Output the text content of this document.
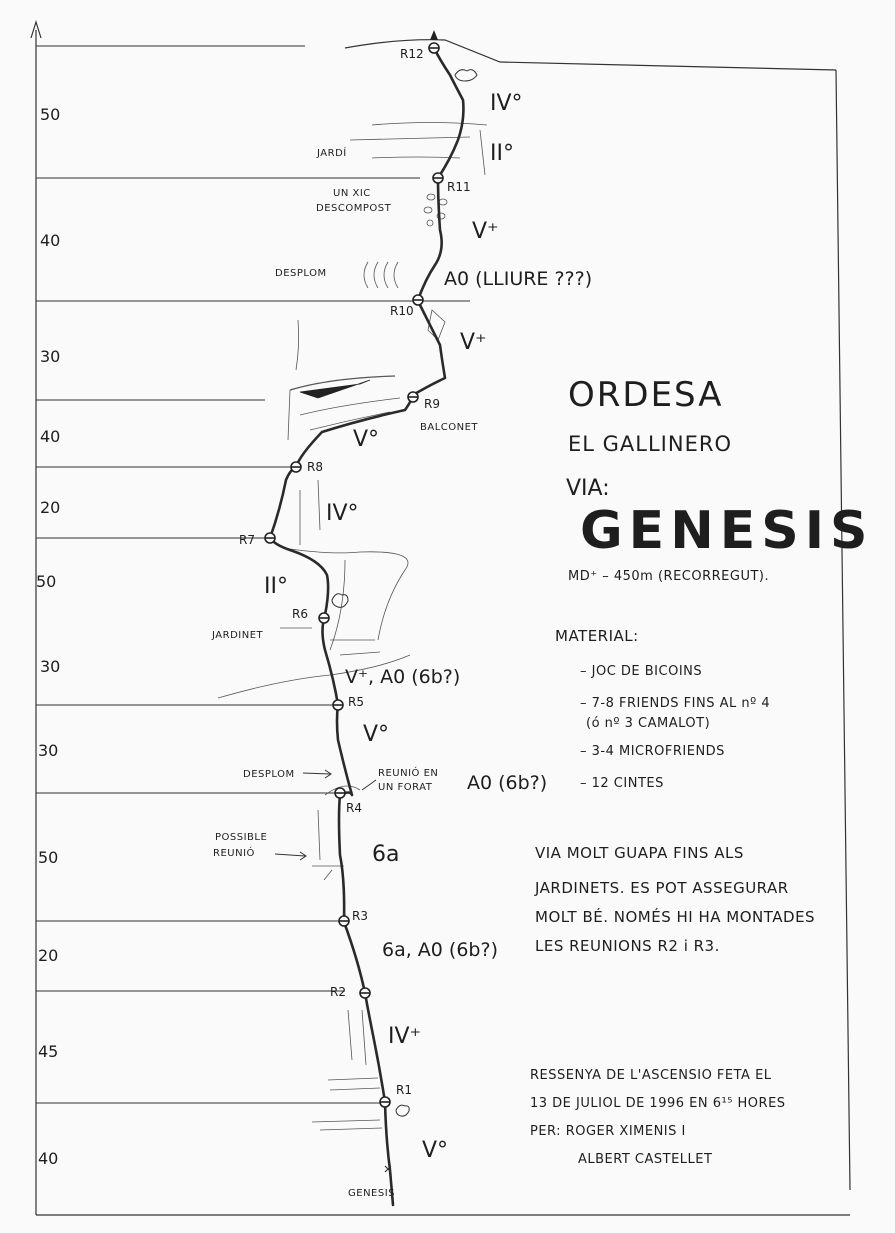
50
40
30
40
20
50
30
30
50
20
45
40
R12
R11
R10
R9
R8
R7
R6
R5
R4
R3
R2
R1
IV°
II°
V⁺
A0 (LLIURE ???)
V⁺
V°
IV°
II°
V⁺, A0 (6b?)
V°
A0 (6b?)
6a
6a, A0 (6b?)
IV⁺
V°
JARDÍ
UN XIC
DESCOMPOST
DESPLOM
BALCONET
JARDINET
DESPLOM	REUNIÓ EN
UN FORAT
POSSIBLE
REUNIÓ
GENESIS
ORDESA
EL GALLINERO
VIA:
GENESIS
MD⁺ – 450m (RECORREGUT).
MATERIAL:
– JOC DE BICOINS
– 7-8 FRIENDS FINS AL nº 4
(ó nº 3 CAMALOT)
– 3-4 MICROFRIENDS
– 12 CINTES
VIA MOLT GUAPA FINS ALS
JARDINETS. ES POT ASSEGURAR
MOLT BÉ. NOMÉS HI HA MONTADES
LES REUNIONS R2 i R3.
RESSENYA DE L'ASCENSIO FETA EL
13 DE JULIOL DE 1996 EN 6¹⁵ HORES
PER: ROGER XIMENIS I
ALBERT CASTELLET
